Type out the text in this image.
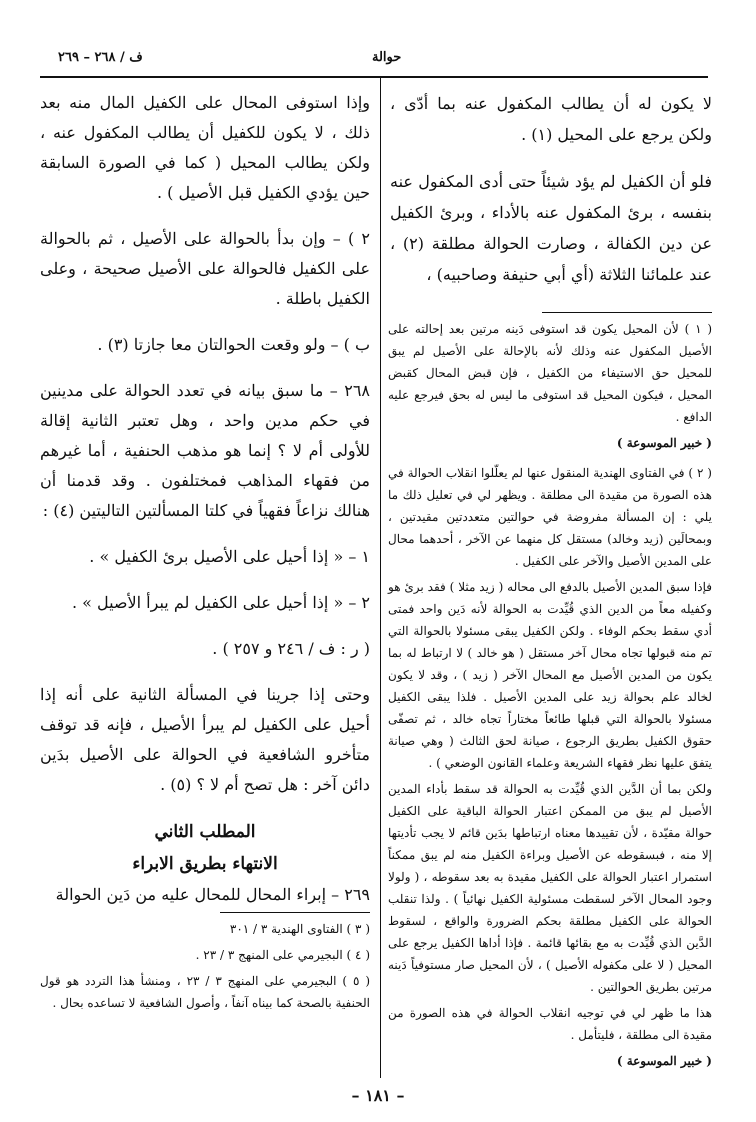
ف / ٢٦٨ – ٢٦٩	حوالة

لا يكون له أن يطالب المكفول عنه بما أدّى ، ولكن يرجع على المحيل (١) .

فلو أن الكفيل لم يؤد شيئاً حتى أدى المكفول عنه بنفسه ، برئ المكفول عنه بالأداء ، وبرئ الكفيل عن دين الكفالة ، وصارت الحوالة مطلقة (٢) ، عند علمائنا الثلاثة (أي أبي حنيفة وصاحبيه) ،

( ١ ) لأن المحيل يكون قد استوفى دَينه مرتين بعد إحالته على الأصيل المكفول عنه وذلك لأنه بالإحالة على الأصيل لم يبق للمحيل حق الاستيفاء من الكفيل ، فإن قبض المحال كقبض المحيل ، فيكون المحيل قد استوفى ما ليس له بحق فيرجع عليه الدافع .

( خبير الموسوعة )

( ٢ ) في الفتاوى الهندية المنقول عنها لم يعلّلوا انقلاب الحوالة في هذه الصورة من مقيدة الى مطلقة . ويظهر لي في تعليل ذلك ما يلي : إن المسألة مفروضة في حوالتين متعددتين مقيدتين ، وبمحالَين (زيد وخالد) مستقل كل منهما عن الآخر ، أحدهما محال على المدين الأصيل والآخر على الكفيل .

فإذا سبق المدين الأصيل بالدفع الى محاله ( زيد مثلا ) فقد برئ هو وكفيله معاً من الدين الذي قُيِّدت به الحوالة لأنه دَين واحد فمتى أدي سقط بحكم الوفاء . ولكن الكفيل يبقى مسئولا بالحوالة التي تم منه قبولها تجاه محال آخر مستقل ( هو خالد ) لا ارتباط له بما يكون من المدين الأصيل مع المحال الآخر ( زيد ) ، وقد لا يكون لخالد علم بحوالة زيد على المدين الأصيل . فلذا يبقى الكفيل مسئولا بالحوالة التي قبلها طائعاً مختاراً تجاه خالد ، ثم تصفّى حقوق الكفيل بطريق الرجوع ، صيانة لحق الثالث ( وهي صيانة يتفق عليها نظر فقهاء الشريعة وعلماء القانون الوضعي ) .

ولكن بما أن الدَّين الذي قُيِّدت به الحوالة قد سقط بأداء المدين الأصيل لم يبق من الممكن اعتبار الحوالة الباقية على الكفيل حوالة مقيّدة ، لأن تقييدها معناه ارتباطها بدَين قائم لا يجب تأديتها إلا منه ، فبسقوطه عن الأصيل وبراءة الكفيل منه لم يبق ممكناً استمرار اعتبار الحوالة على الكفيل مقيدة به بعد سقوطه ، ( ولولا وجود المحال الآخر لسقطت مسئولية الكفيل نهائياً ) . ولذا تنقلب الحوالة على الكفيل مطلقة بحكم الضرورة والواقع ، لسقوط الدَّين الذي قُيِّدت به مع بقائها قائمة . فإذا أداها الكفيل يرجع على المحيل ( لا على مكفوله الأصيل ) ، لأن المحيل صار مستوفياً دَينه مرتين بطريق الحوالتين .

هذا ما ظهر لي في توجيه انقلاب الحوالة في هذه الصورة من مقيدة الى مطلقة ، فليتأمل .

( خبير الموسوعة )

وإذا استوفى المحال على الكفيل المال منه بعد ذلك ، لا يكون للكفيل أن يطالب المكفول عنه ، ولكن يطالب المحيل ( كما في الصورة السابقة حين يؤدي الكفيل قبل الأصيل ) .

٢ ) – وإن بدأ بالحوالة على الأصيل ، ثم بالحوالة على الكفيل فالحوالة على الأصيل صحيحة ، وعلى الكفيل باطلة .

ب ) – ولو وقعت الحوالتان معا جازتا (٣) .

٢٦٨ – ما سبق بيانه في تعدد الحوالة على مدينين في حكم مدين واحد ، وهل تعتبر الثانية إقالة للأولى أم لا ؟ إنما هو مذهب الحنفية ، أما غيرهم من فقهاء المذاهب فمختلفون . وقد قدمنا أن هنالك نزاعاً فقهياً في كلتا المسألتين التاليتين (٤) :

١ – « إذا أحيل على الأصيل برئ الكفيل » .

٢ – « إذا أحيل على الكفيل لم يبرأ الأصيل » .

( ر : ف / ٢٤٦ و ٢٥٧ ) .

وحتى إذا جرينا في المسألة الثانية على أنه إذا أحيل على الكفيل لم يبرأ الأصيل ، فإنه قد توقف متأخرو الشافعية في الحوالة على الأصيل بدَين دائن آخر : هل تصح أم لا ؟ (٥) .

المطلب الثاني

الانتهاء بطريق الابراء

٢٦٩ – إبراء المحال للمحال عليه من دَين الحوالة

( ٣ ) الفتاوى الهندية ٣ / ٣٠١

( ٤ ) البجيرمي على المنهج ٣ / ٢٣ .

( ٥ ) البجيرمي على المنهج ٣ / ٢٣ ، ومنشأ هذا التردد هو قول الحنفية بالصحة كما بيناه آنفاً ، وأصول الشافعية لا تساعده بحال .

– ١٨١ –
